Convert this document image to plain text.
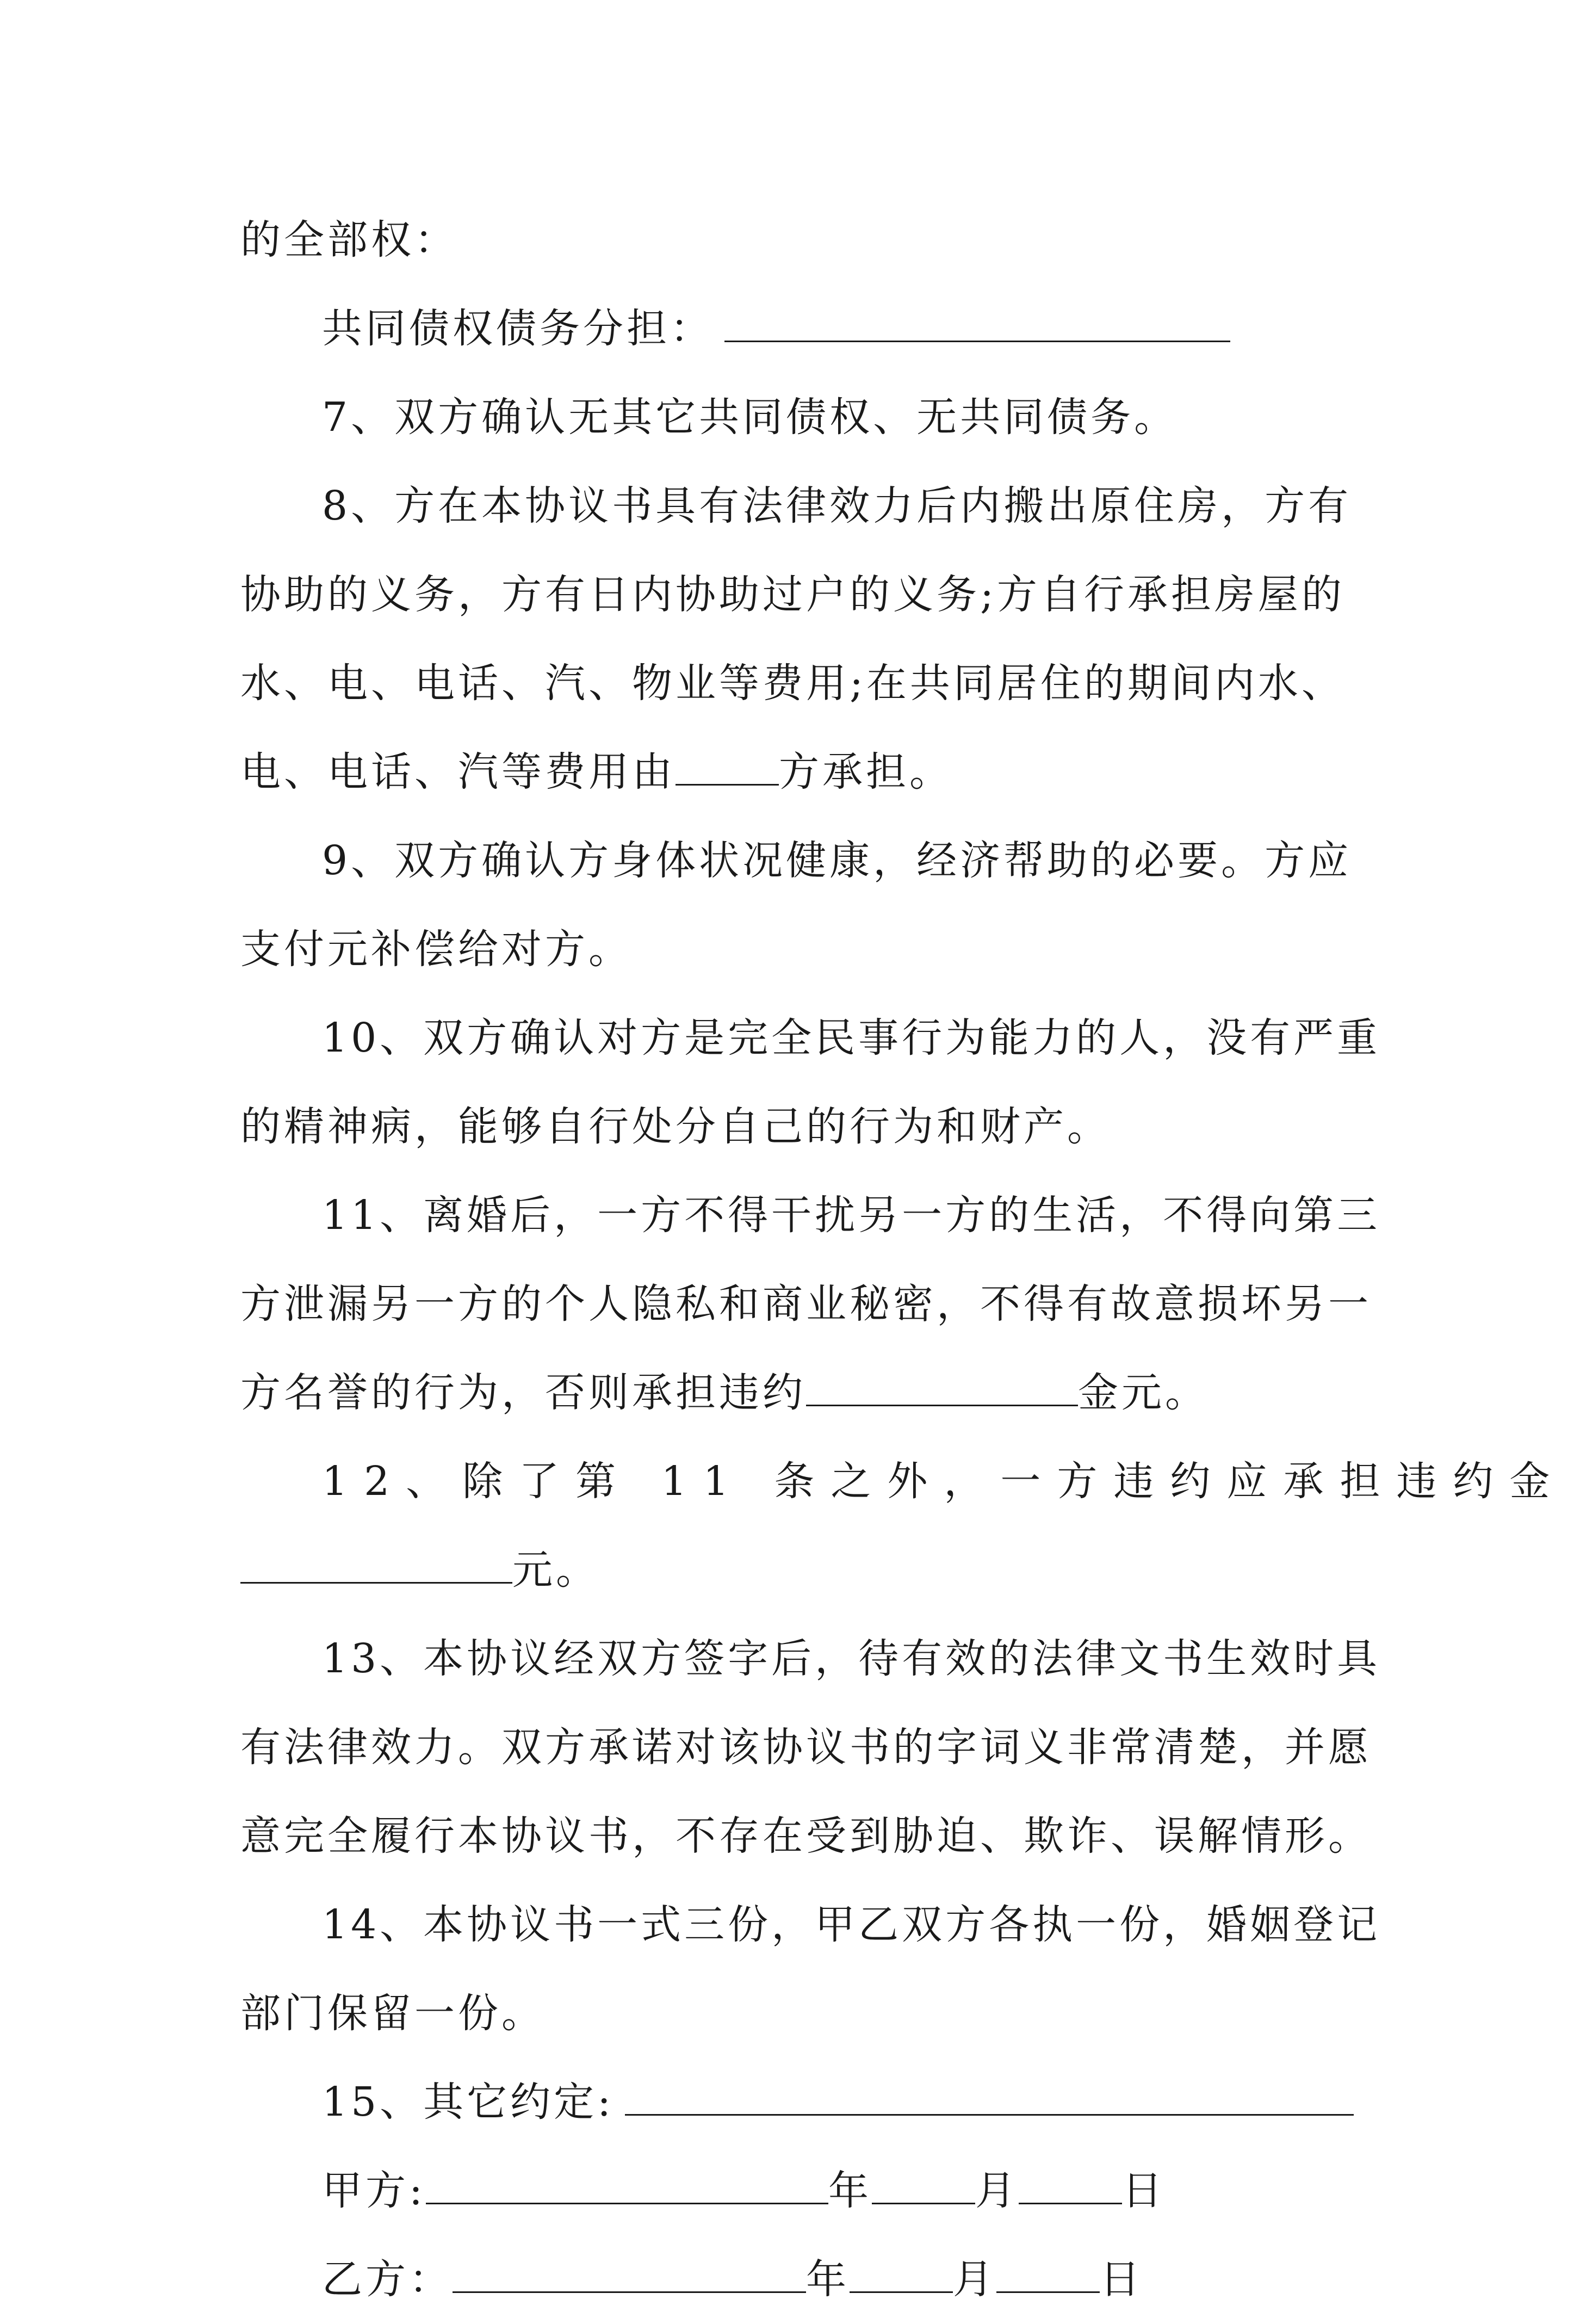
的全部权：
共同债权债务分担：
7、双方确认无其它共同债权、无共同债务。
8、方在本协议书具有法律效力后内搬出原住房，方有
协助的义务，方有日内协助过户的义务;方自行承担房屋的
水、电、电话、汽、物业等费用;在共同居住的期间内水、
电、电话、汽等费用由	方承担。
9、双方确认方身体状况健康，经济帮助的必要。方应
支付元补偿给对方。
10、双方确认对方是完全民事行为能力的人，没有严重
的精神病，能够自行处分自己的行为和财产。
11、离婚后，一方不得干扰另一方的生活，不得向第三
方泄漏另一方的个人隐私和商业秘密，不得有故意损坏另一
方名誉的行为，否则承担违约	金元。
12、除了第 11 条之外，一方违约应承担违约金
元。
13、本协议经双方签字后，待有效的法律文书生效时具
有法律效力。双方承诺对该协议书的字词义非常清楚，并愿
意完全履行本协议书，不存在受到胁迫、欺诈、误解情形。
14、本协议书一式三份，甲乙双方各执一份，婚姻登记
部门保留一份。
15、其它约定:
甲方:	年	月	日
乙方：	年	月	日
